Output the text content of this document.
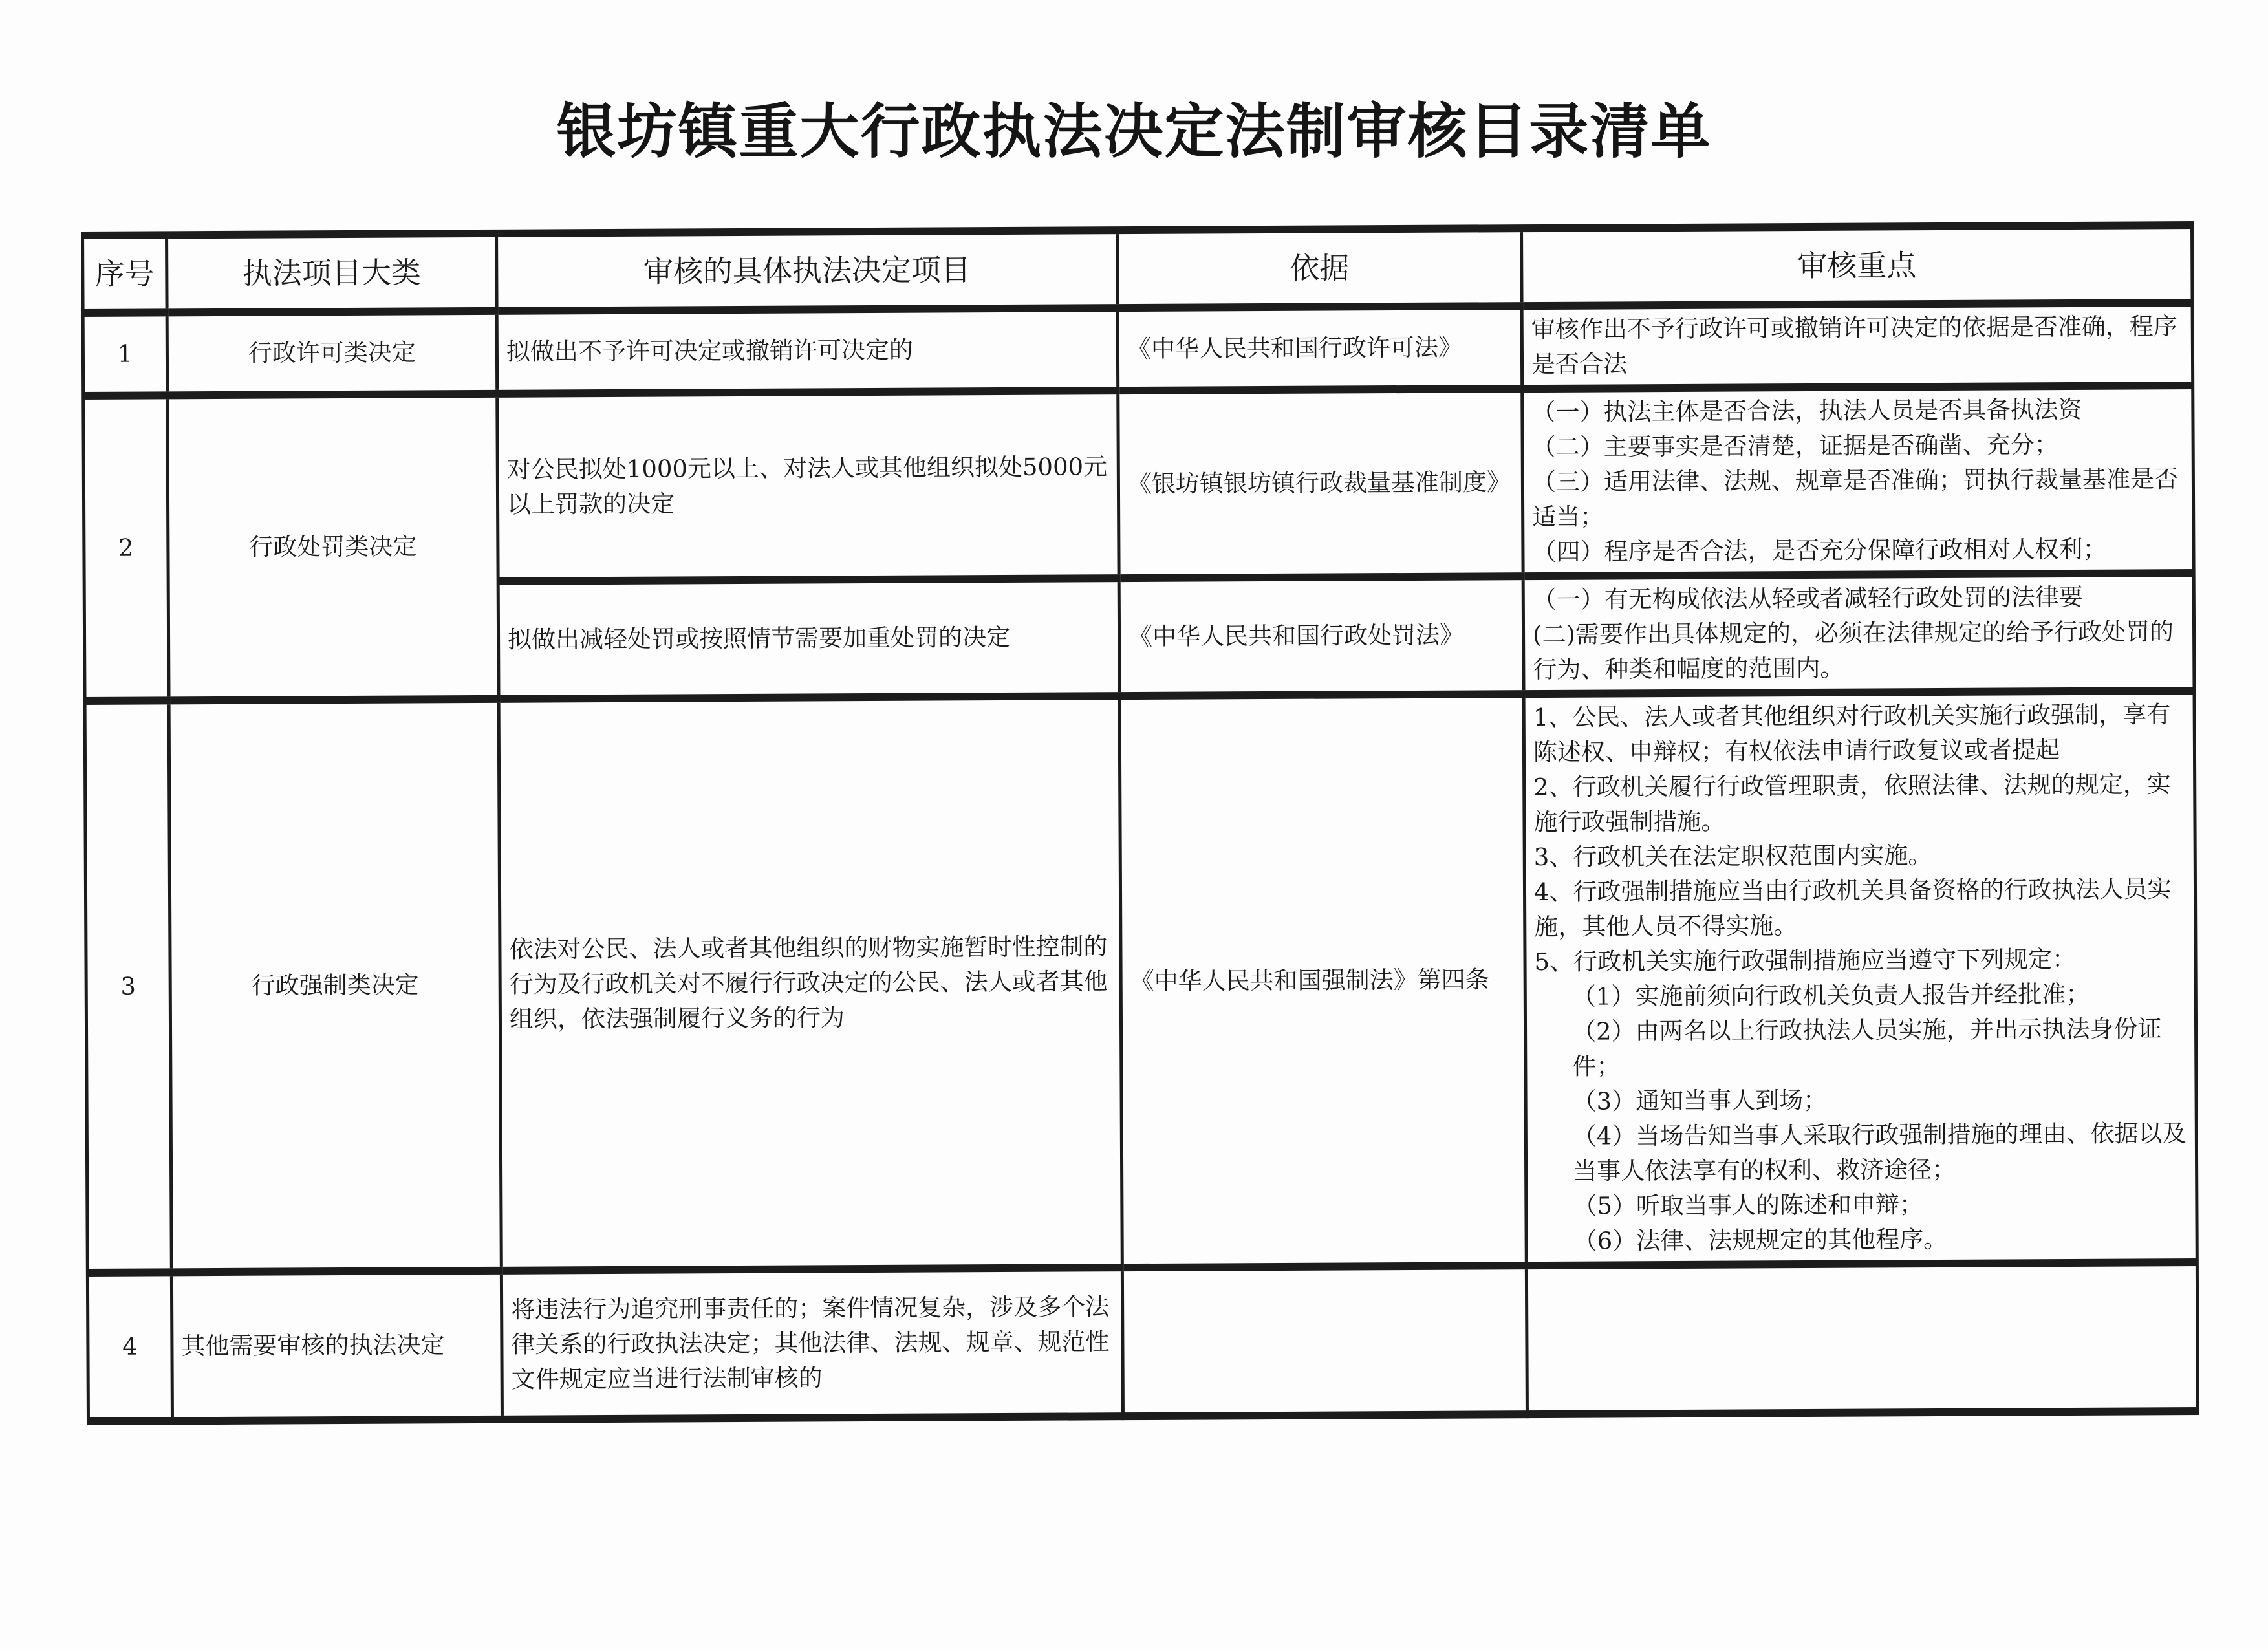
银坊镇重大行政执法决定法制审核目录清单
序号	执法项目大类	审核的具体执法决定项目	依据	审核重点
1	行政许可类决定	拟做出不予许可决定或撤销许可决定的	《中华人民共和国行政许可法》	审核作出不予行政许可或撤销许可决定的依据是否准确，程序是否合法
2	行政处罚类决定	对公民拟处1000元以上、对法人或其他组织拟处5000元以上罚款的决定	《银坊镇银坊镇行政裁量基准制度》	（一）执法主体是否合法，执法人员是否具备执法资
（二）主要事实是否清楚，证据是否确凿、充分；
（三）适用法律、法规、规章是否准确；罚执行裁量基准是否适当；
（四）程序是否合法，是否充分保障行政相对人权利；

		拟做出减轻处罚或按照情节需要加重处罚的决定	《中华人民共和国行政处罚法》	（一）有无构成依法从轻或者减轻行政处罚的法律要
(二)需要作出具体规定的，必须在法律规定的给予行政处罚的行为、种类和幅度的范围内。

3	行政强制类决定	依法对公民、法人或者其他组织的财物实施暂时性控制的行为及行政机关对不履行行政决定的公民、法人或者其他组织，依法强制履行义务的行为	《中华人民共和国强制法》第四条	
1、公民、法人或者其他组织对行政机关实施行政强制，享有陈述权、申辩权；有权依法申请行政复议或者提起
2、行政机关履行行政管理职责，依照法律、法规的规定，实施行政强制措施。
3、行政机关在法定职权范围内实施。
4、行政强制措施应当由行政机关具备资格的行政执法人员实施，其他人员不得实施。
5、行政机关实施行政强制措施应当遵守下列规定：
（1）实施前须向行政机关负责人报告并经批准；
（2）由两名以上行政执法人员实施，并出示执法身份证件；
（3）通知当事人到场；
（4）当场告知当事人采取行政强制措施的理由、依据以及当事人依法享有的权利、救济途径；
（5）听取当事人的陈述和申辩；
（6）法律、法规规定的其他程序。

4	其他需要审核的执法决定	将违法行为追究刑事责任的；案件情况复杂，涉及多个法律关系的行政执法决定；其他法律、法规、规章、规范性文件规定应当进行法制审核的		
